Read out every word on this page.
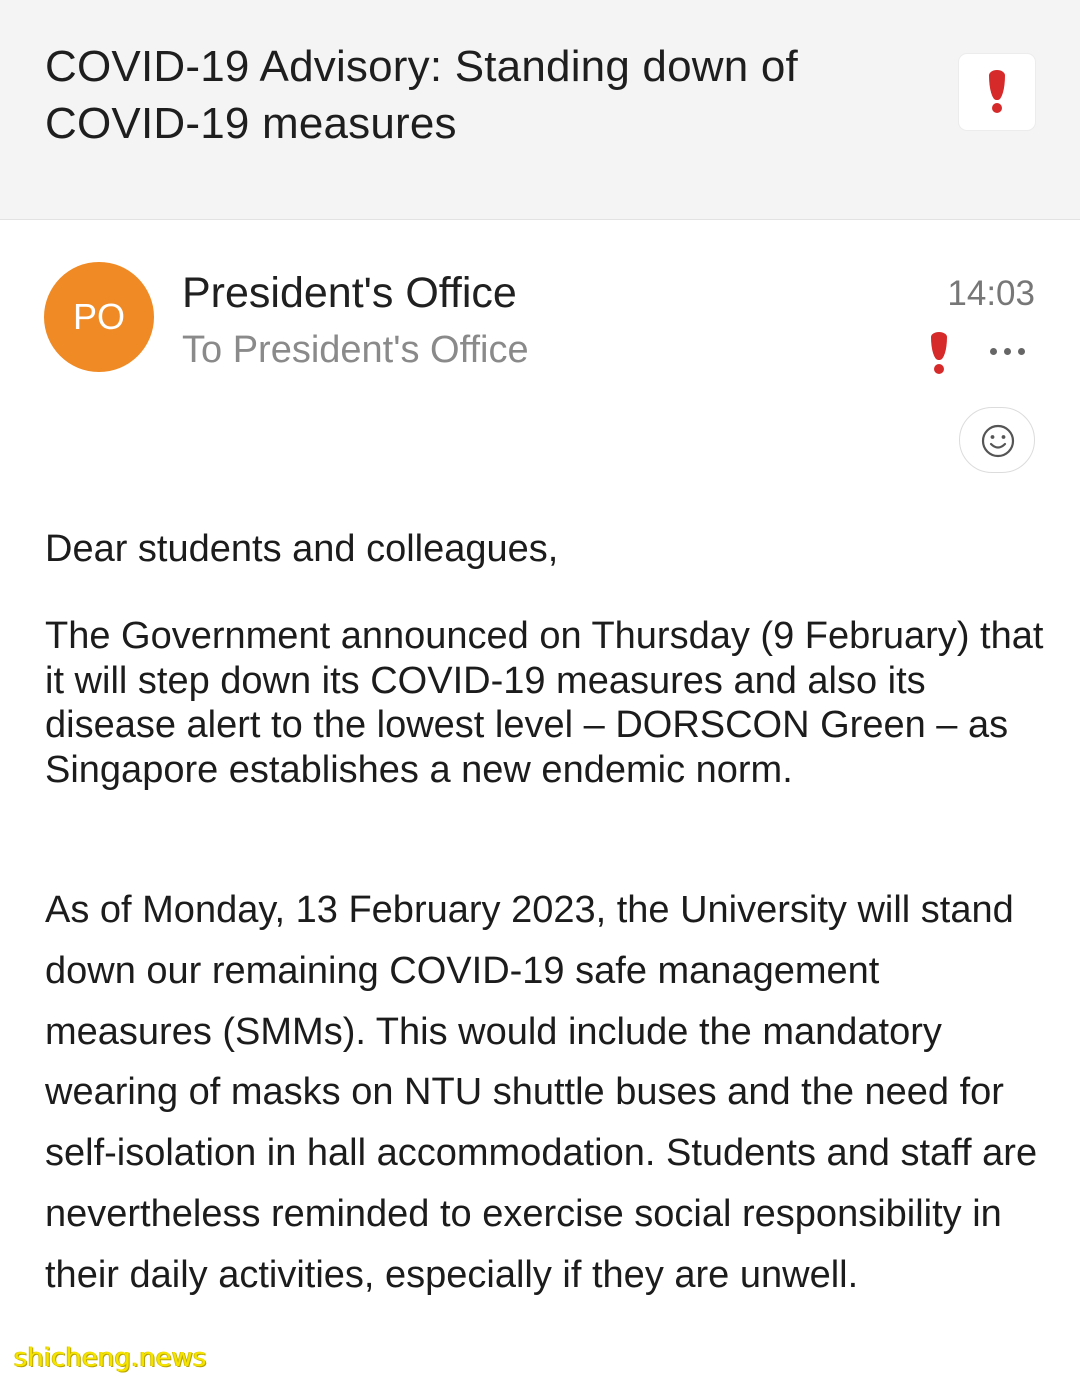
COVID-19 Advisory: Standing down of COVID-19 measures
PO	President's Office
To President's Office
14:03

Dear students and colleagues,

The Government announced on Thursday (9 February) that it will step down its COVID-19 measures and also its disease alert to the lowest level – DORSCON Green – as Singapore establishes a new endemic norm.

As of Monday, 13 February 2023, the University will stand down our remaining COVID-19 safe management measures (SMMs). This would include the mandatory wearing of masks on NTU shuttle buses and the need for self-isolation in hall accommodation. Students and staff are nevertheless reminded to exercise social responsibility in their daily activities, especially if they are unwell.

shicheng.news
